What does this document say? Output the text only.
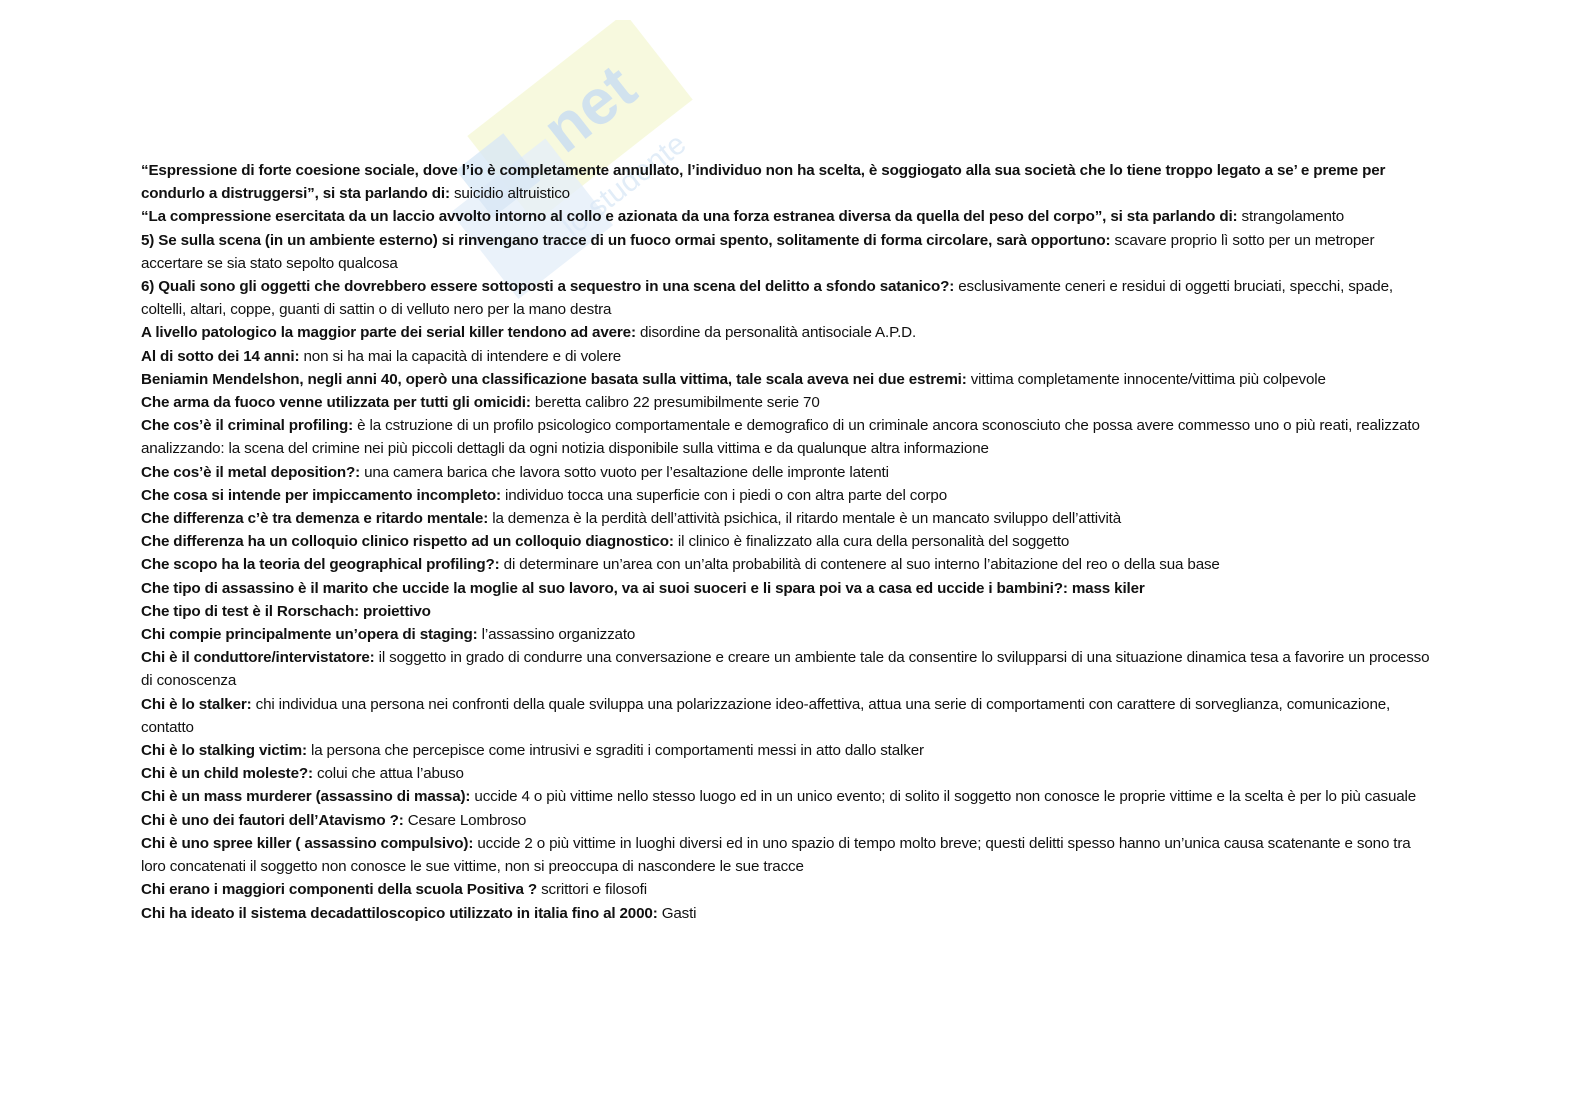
net
lo studente

“Espressione di forte coesione sociale, dove l’io è completamente annullato, l’individuo non ha scelta, è soggiogato alla sua società che lo tiene troppo legato a se’ e preme per condurlo a distruggersi”, si sta parlando di: suicidio altruistico

“La compressione esercitata da un laccio avvolto intorno al collo e azionata da una forza estranea diversa da quella del peso del corpo”, si sta parlando di: strangolamento

5) Se sulla scena (in un ambiente esterno) si rinvengano tracce di un fuoco ormai spento, solitamente di forma circolare, sarà opportuno: scavare proprio lì sotto per un metroper accertare se sia stato sepolto qualcosa

6) Quali sono gli oggetti che dovrebbero essere sottoposti a sequestro in una scena del delitto a sfondo satanico?: esclusivamente ceneri e residui di oggetti bruciati, specchi, spade, coltelli, altari, coppe, guanti di sattin o di velluto nero per la mano destra

A livello patologico la maggior parte dei serial killer tendono ad avere: disordine da personalità antisociale A.P.D.

Al di sotto dei 14 anni: non si ha mai la capacità di intendere e di volere

Beniamin Mendelshon, negli anni 40, operò una classificazione basata sulla vittima, tale scala aveva nei due estremi: vittima completamente innocente/vittima più colpevole

Che arma da fuoco venne utilizzata per tutti gli omicidi: beretta calibro 22 presumibilmente serie 70

Che cos’è il criminal profiling: è la cstruzione di un profilo psicologico comportamentale e demografico di un criminale ancora sconosciuto che possa avere commesso uno o più reati, realizzato analizzando: la scena del crimine nei più piccoli dettagli da ogni notizia disponibile sulla vittima e da qualunque altra informazione

Che cos’è il metal deposition?: una camera barica che lavora sotto vuoto per l’esaltazione delle impronte latenti

Che cosa si intende per impiccamento incompleto: individuo tocca una superficie con i piedi o con altra parte del corpo

Che differenza c’è tra demenza e ritardo mentale: la demenza è la perdità dell’attività psichica, il ritardo mentale è un mancato sviluppo dell’attività

Che differenza ha un colloquio clinico rispetto ad un colloquio diagnostico: il clinico è finalizzato alla cura della personalità del soggetto

Che scopo ha la teoria del geographical profiling?: di determinare un’area con un’alta probabilità di contenere al suo interno l’abitazione del reo o della sua base

Che tipo di assassino è il marito che uccide la moglie al suo lavoro, va ai suoi suoceri e li spara poi va a casa ed uccide i bambini?: mass kiler

Che tipo di test è il Rorschach: proiettivo

Chi compie principalmente un’opera di staging: l’assassino organizzato

Chi è il conduttore/intervistatore: il soggetto in grado di condurre una conversazione e creare un ambiente tale da consentire lo svilupparsi di una situazione dinamica tesa a favorire un processo di conoscenza

Chi è lo stalker: chi individua una persona nei confronti della quale sviluppa una polarizzazione ideo-affettiva, attua una serie di comportamenti con carattere di sorveglianza, comunicazione, contatto

Chi è lo stalking victim: la persona che percepisce come intrusivi e sgraditi i comportamenti messi in atto dallo stalker

Chi è un child moleste?: colui che attua l’abuso

Chi è un mass murderer (assassino di massa): uccide 4 o più vittime nello stesso luogo ed in un unico evento; di solito il soggetto non conosce le proprie vittime e la scelta è per lo più casuale

Chi è uno dei fautori dell’Atavismo ?: Cesare Lombroso

Chi è uno spree killer ( assassino compulsivo): uccide 2 o più vittime in luoghi diversi ed in uno spazio di tempo molto breve; questi delitti spesso hanno un’unica causa scatenante e sono tra loro concatenati il soggetto non conosce le sue vittime, non si preoccupa di nascondere le sue tracce

Chi erano i maggiori componenti della scuola Positiva ? scrittori e filosofi

Chi ha ideato il sistema decadattiloscopico utilizzato in italia fino al 2000: Gasti
